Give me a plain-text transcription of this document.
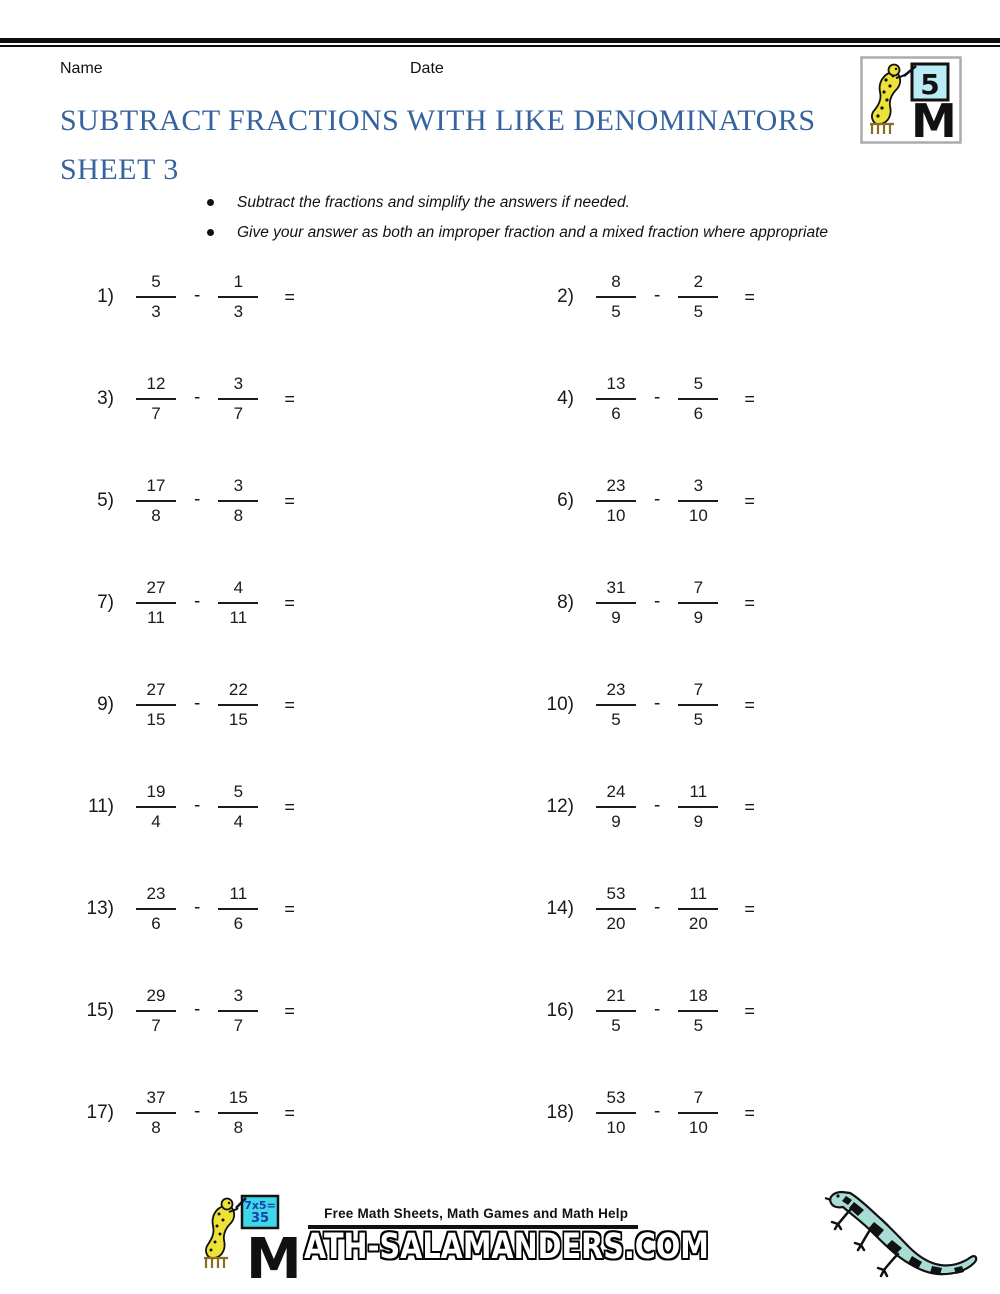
Name	Date	5
M
SUBTRACT FRACTIONS WITH LIKE DENOMINATORS
SHEET 3
Subtract the fractions and simplify the answers if needed.
Give your answer as both an improper fraction and a mixed fraction where appropriate
$1) \frac{5}{3} - \frac{1}{3}$ =	$2) \frac{8}{5} - \frac{2}{5}$ =
$3) \frac{12}{7} - \frac{3}{7}$ =	$4) \frac{13}{6} - \frac{5}{6}$ =
$5) \frac{17}{8} - \frac{3}{8}$ =	$6) \frac{23}{10} - \frac{3}{10}$ =
$7) \frac{27}{11} - \frac{4}{11}$ =	$8) \frac{31}{9} - \frac{7}{9}$ =
$9) \frac{27}{15} - \frac{22}{15}$ =	$10) \frac{23}{5} - \frac{7}{5}$ =
$11) \frac{19}{4} - \frac{5}{4}$ =	$12) \frac{24}{9} - \frac{11}{9}$ =
$13) \frac{23}{6} - \frac{11}{6}$ =	$14) \frac{53}{20} - \frac{11}{20}$ =
$15) \frac{29}{7} - \frac{3}{7}$ =	$16) \frac{21}{5} - \frac{18}{5}$ =
$17) \frac{37}{8} - \frac{15}{8}$ =	$18) \frac{53}{10} - \frac{7}{10}$ =
7x5=
35
M
Free Math Sheets, Math Games and Math Help
ATH-SALAMANDERS.COM
